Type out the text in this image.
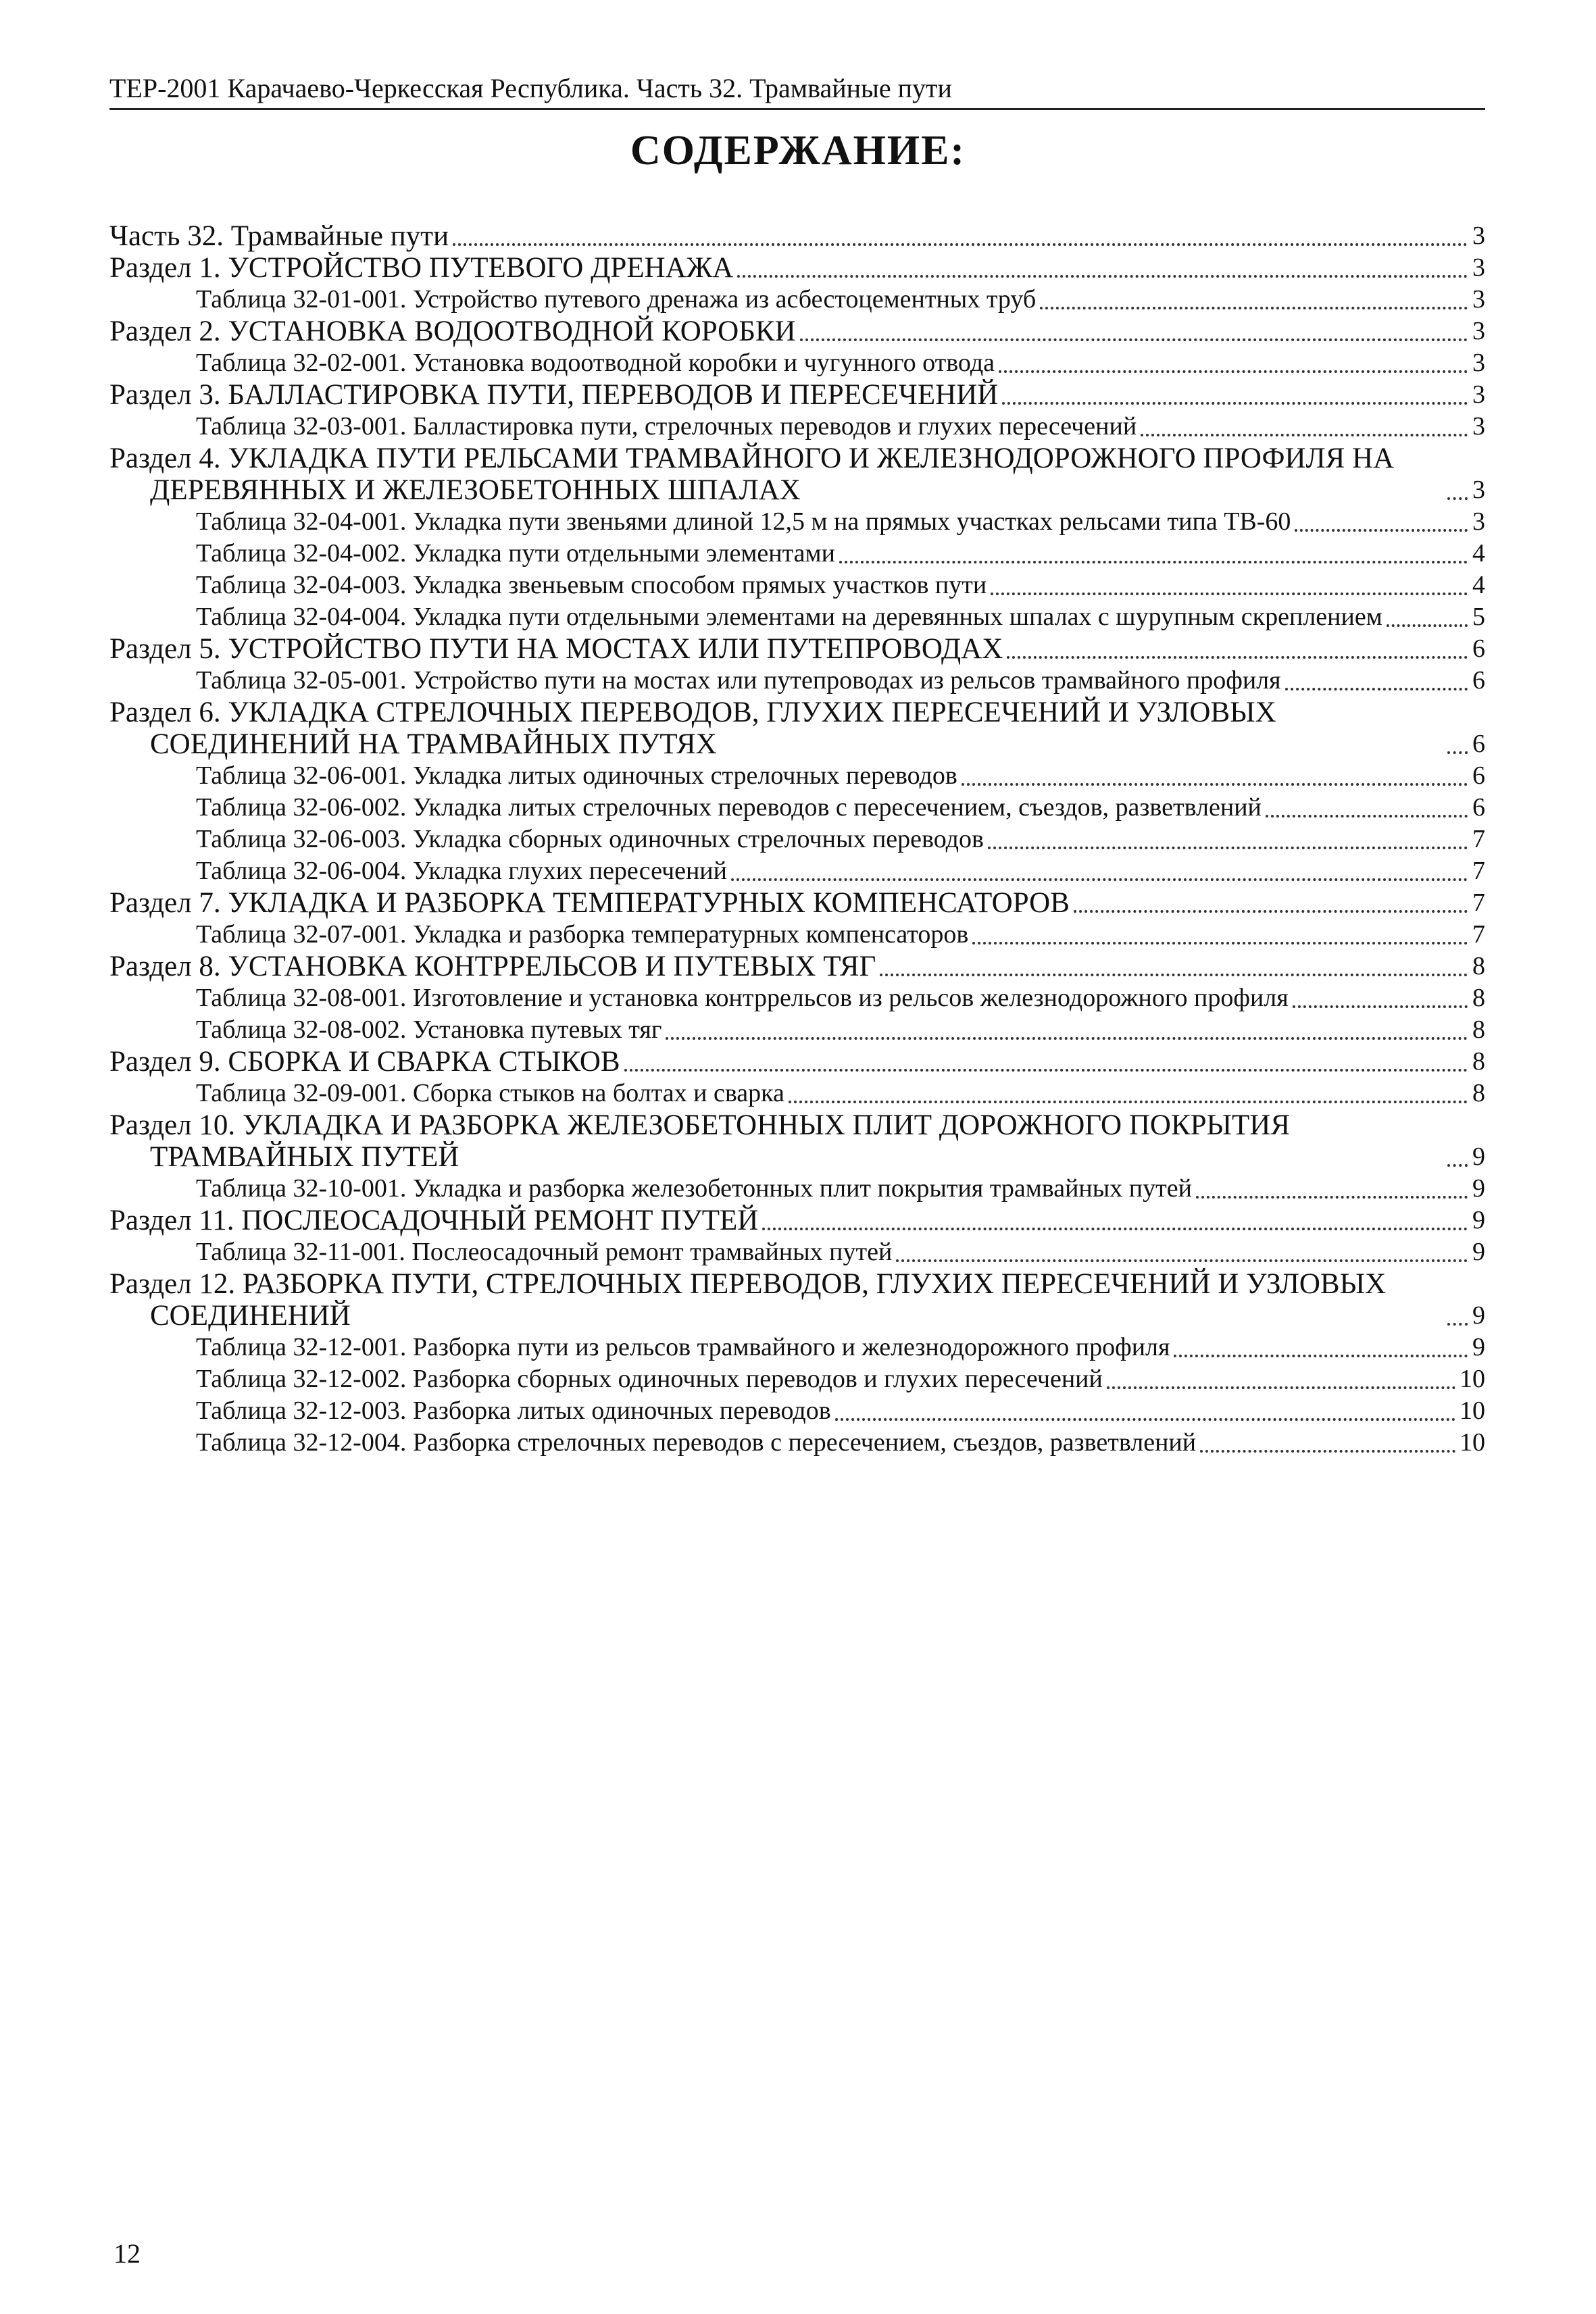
ТЕР-2001 Карачаево-Черкесская Республика. Часть 32. Трамвайные пути
СОДЕРЖАНИЕ:
Часть 32. Трамвайные пути	3
Раздел 1. УСТРОЙСТВО ПУТЕВОГО ДРЕНАЖА	3
Таблица 32-01-001. Устройство путевого дренажа из асбестоцементных труб	3
Раздел 2. УСТАНОВКА ВОДООТВОДНОЙ КОРОБКИ	3
Таблица 32-02-001. Установка водоотводной коробки и чугунного отвода	3
Раздел 3. БАЛЛАСТИРОВКА ПУТИ, ПЕРЕВОДОВ И ПЕРЕСЕЧЕНИЙ	3
Таблица 32-03-001. Балластировка пути, стрелочных переводов и глухих пересечений	3
Раздел 4. УКЛАДКА ПУТИ РЕЛЬСАМИ ТРАМВАЙНОГО И ЖЕЛЕЗНОДОРОЖНОГО ПРОФИЛЯ НА ДЕРЕВЯННЫХ И ЖЕЛЕЗОБЕТОННЫХ ШПАЛАХ	3
Таблица 32-04-001. Укладка пути звеньями длиной 12,5 м на прямых участках рельсами типа ТВ-60	3
Таблица 32-04-002. Укладка пути отдельными элементами	4
Таблица 32-04-003. Укладка звеньевым способом прямых участков пути	4
Таблица 32-04-004. Укладка пути отдельными элементами на деревянных шпалах с шурупным скреплением	5
Раздел 5. УСТРОЙСТВО ПУТИ НА МОСТАХ ИЛИ ПУТЕПРОВОДАХ	6
Таблица 32-05-001. Устройство пути на мостах или путепроводах из рельсов трамвайного профиля	6
Раздел 6. УКЛАДКА СТРЕЛОЧНЫХ ПЕРЕВОДОВ, ГЛУХИХ ПЕРЕСЕЧЕНИЙ И УЗЛОВЫХ СОЕДИНЕНИЙ НА ТРАМВАЙНЫХ ПУТЯХ	6
Таблица 32-06-001. Укладка литых одиночных стрелочных переводов	6
Таблица 32-06-002. Укладка литых стрелочных переводов с пересечением, съездов, разветвлений	6
Таблица 32-06-003. Укладка сборных одиночных стрелочных переводов	7
Таблица 32-06-004. Укладка глухих пересечений	7
Раздел 7. УКЛАДКА И РАЗБОРКА ТЕМПЕРАТУРНЫХ КОМПЕНСАТОРОВ	7
Таблица 32-07-001. Укладка и разборка температурных компенсаторов	7
Раздел 8. УСТАНОВКА КОНТРРЕЛЬСОВ И ПУТЕВЫХ ТЯГ	8
Таблица 32-08-001. Изготовление и установка контррельсов из рельсов железнодорожного профиля	8
Таблица 32-08-002. Установка путевых тяг	8
Раздел 9. СБОРКА И СВАРКА СТЫКОВ	8
Таблица 32-09-001. Сборка стыков на болтах и сварка	8
Раздел 10. УКЛАДКА И РАЗБОРКА ЖЕЛЕЗОБЕТОННЫХ ПЛИТ ДОРОЖНОГО ПОКРЫТИЯ ТРАМВАЙНЫХ ПУТЕЙ	9
Таблица 32-10-001. Укладка и разборка железобетонных плит покрытия трамвайных путей	9
Раздел 11. ПОСЛЕОСАДОЧНЫЙ РЕМОНТ ПУТЕЙ	9
Таблица 32-11-001. Послеосадочный ремонт трамвайных путей	9
Раздел 12. РАЗБОРКА ПУТИ, СТРЕЛОЧНЫХ ПЕРЕВОДОВ, ГЛУХИХ ПЕРЕСЕЧЕНИЙ И УЗЛОВЫХ СОЕДИНЕНИЙ	9
Таблица 32-12-001. Разборка пути из рельсов трамвайного и железнодорожного профиля	9
Таблица 32-12-002. Разборка сборных одиночных переводов и глухих пересечений	10
Таблица 32-12-003. Разборка литых одиночных переводов	10
Таблица 32-12-004. Разборка стрелочных переводов с пересечением, съездов, разветвлений	10
12
